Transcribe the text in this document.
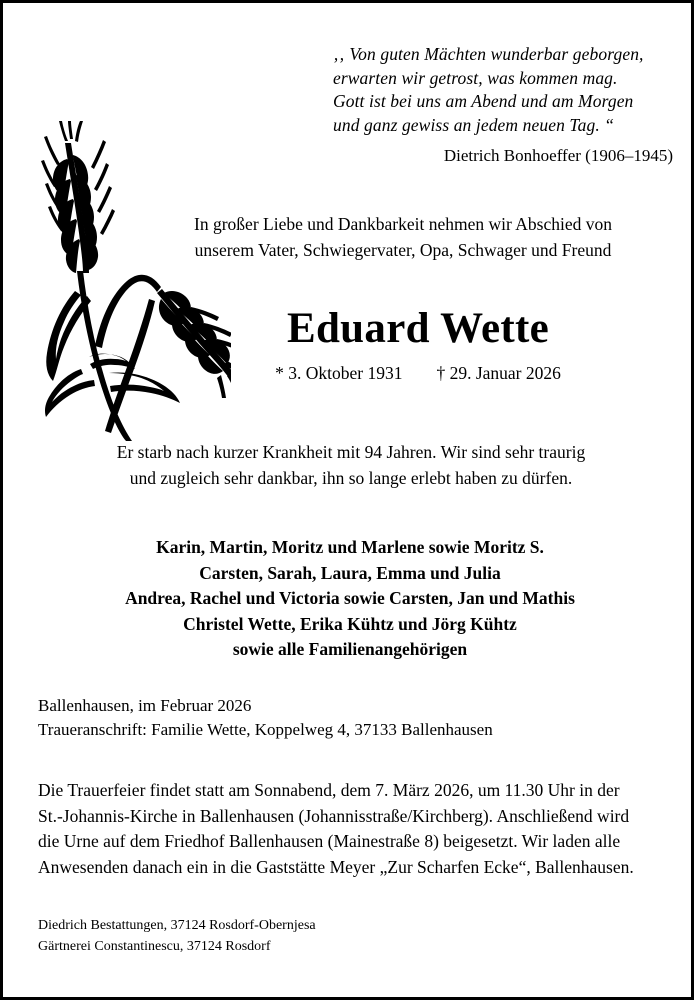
‚‚ Von guten Mächten wunderbar geborgen,
erwarten wir getrost, was kommen mag.
Gott ist bei uns am Abend und am Morgen
und ganz gewiss an jedem neuen Tag. “
Dietrich Bonhoeffer (1906–1945)
In großer Liebe und Dankbarkeit nehmen wir Abschied von
unserem Vater, Schwiegervater, Opa, Schwager und Freund
Eduard Wette
* 3. Oktober 1931 † 29. Januar 2026
Er starb nach kurzer Krankheit mit 94 Jahren. Wir sind sehr traurig
und zugleich sehr dankbar, ihn so lange erlebt haben zu dürfen.
Karin, Martin, Moritz und Marlene sowie Moritz S.
Carsten, Sarah, Laura, Emma und Julia
Andrea, Rachel und Victoria sowie Carsten, Jan und Mathis
Christel Wette, Erika Kühtz und Jörg Kühtz
sowie alle Familienangehörigen
Ballenhausen, im Februar 2026
Traueranschrift: Familie Wette, Koppelweg 4, 37133 Ballenhausen
Die Trauerfeier findet statt am Sonnabend, dem 7. März 2026, um 11.30 Uhr in der
St.-Johannis-Kirche in Ballenhausen (Johannisstraße/Kirchberg). Anschließend wird
die Urne auf dem Friedhof Ballenhausen (Mainestraße 8) beigesetzt. Wir laden alle
Anwesenden danach ein in die Gaststätte Meyer „Zur Scharfen Ecke“, Ballenhausen.
Diedrich Bestattungen, 37124 Rosdorf-Obernjesa
Gärtnerei Constantinescu, 37124 Rosdorf
